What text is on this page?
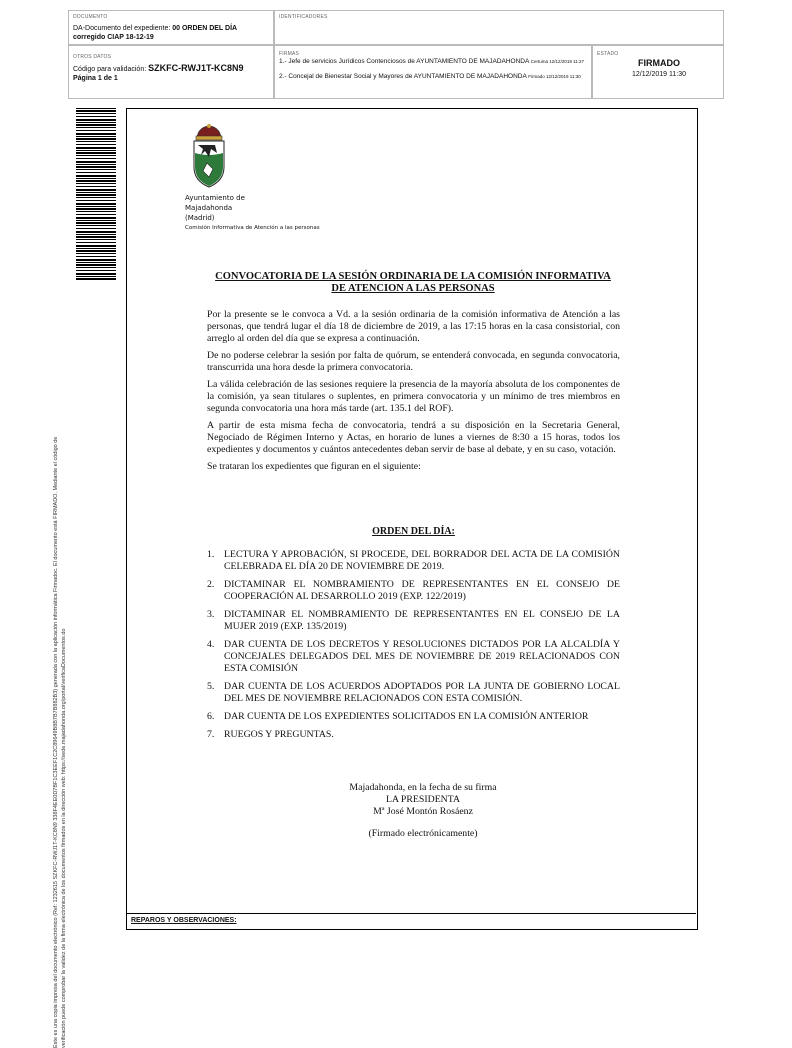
DOCUMENTO
DA-Documento del expediente: 00 ORDEN DEL DÍA
corregido CIAP 18-12-19
IDENTIFICADORES
OTROS DATOS
Código para validación: SZKFC-RWJ1T-KC8N9
Página 1 de 1
FIRMAS
1.- Jefe de servicios Jurídicos Contenciosos de AYUNTAMIENTO DE MAJADAHONDA Certuma 12/12/2019 11:27
2.- Concejal de Bienestar Social y Mayores de AYUNTAMIENTO DE MAJADAHONDA Firmado 12/12/2019 11:30
ESTADO
FIRMADO
12/12/2019 11:30
Este es una copia impresa del documento electrónico (Ref: 1232615 SZKFC-RWJ1T-KC8N9 338F4EE0D7BF1C3EEF1C2C89649B8B7B7B882B3) generada con la aplicación informática Firmadoc. El documento está FIRMADO. Mediante el código de verificación puede comprobar la validez de la firma electrónica de los documentos firmados en la dirección web: https://sede.majadahonda.org/portal/verificaDocumentos.do
Ayuntamiento de
Majadahonda
(Madrid)
Comisión Informativa de Atención a las personas
CONVOCATORIA DE LA SESIÓN ORDINARIA DE LA COMISIÓN INFORMATIVA
DE ATENCION A LAS PERSONAS

Por la presente se le convoca a Vd. a la sesión ordinaria de la comisión informativa de Atención a las personas, que tendrá lugar el día 18 de diciembre de 2019, a las 17:15 horas en la casa consistorial, con arreglo al orden del día que se expresa a continuación.

De no poderse celebrar la sesión por falta de quórum, se entenderá convocada, en segunda convocatoria, transcurrida una hora desde la primera convocatoria.

La válida celebración de las sesiones requiere la presencia de la mayoría absoluta de los componentes de la comisión, ya sean titulares o suplentes, en primera convocatoria y un mínimo de tres miembros en segunda convocatoria una hora más tarde (art. 135.1 del ROF).

A partir de esta misma fecha de convocatoria, tendrá a su disposición en la Secretaria General, Negociado de Régimen Interno y Actas, en horario de lunes a viernes de 8:30 a 15 horas, todos los expedientes y documentos y cuántos antecedentes deban servir de base al debate, y en su caso, votación.

Se trataran los expedientes que figuran en el siguiente:

ORDEN DEL DÍA:
1. LECTURA Y APROBACIÓN, SI PROCEDE, DEL BORRADOR DEL ACTA DE LA COMISIÓN CELEBRADA EL DÍA 20 DE NOVIEMBRE DE 2019.
2. DICTAMINAR EL NOMBRAMIENTO DE REPRESENTANTES EN EL CONSEJO DE COOPERACIÓN AL DESARROLLO 2019 (EXP. 122/2019)
3. DICTAMINAR EL NOMBRAMIENTO DE REPRESENTANTES EN EL CONSEJO DE LA MUJER 2019 (EXP. 135/2019)
4. DAR CUENTA DE LOS DECRETOS Y RESOLUCIONES DICTADOS POR LA ALCALDÍA Y CONCEJALES DELEGADOS DEL MES DE NOVIEMBRE DE 2019 RELACIONADOS CON ESTA COMISIÓN
5. DAR CUENTA DE LOS ACUERDOS ADOPTADOS POR LA JUNTA DE GOBIERNO LOCAL DEL MES DE NOVIEMBRE RELACIONADOS CON ESTA COMISIÓN.
6. DAR CUENTA DE LOS EXPEDIENTES SOLICITADOS EN LA COMISIÓN ANTERIOR
7. RUEGOS Y PREGUNTAS.
Majadahonda, en la fecha de su firma
LA PRESIDENTA
Mª José Montón Rosáenz
(Firmado electrónicamente)
REPAROS Y OBSERVACIONES:
